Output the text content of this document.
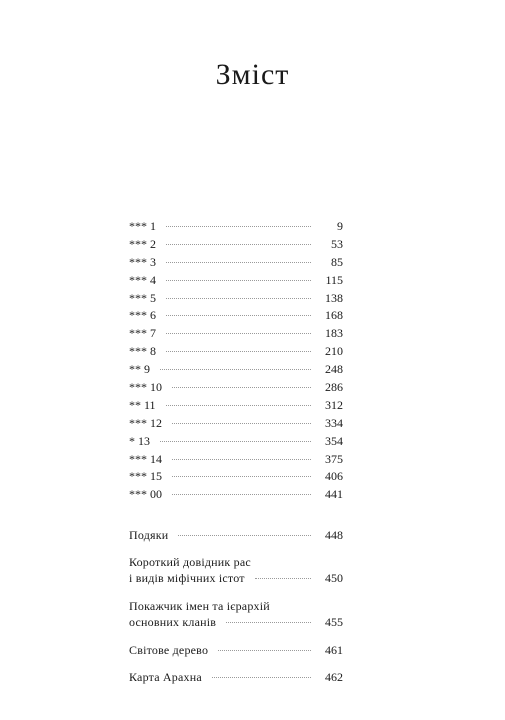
Зміст
*** 1	9
*** 2	53
*** 3	85
*** 4	115
*** 5	138
*** 6	168
*** 7	183
*** 8	210
** 9	248
*** 10	286
** 11	312
*** 12	334
* 13	354
*** 14	375
*** 15	406
*** 00	441
Подяки	448
Короткий довідник рас
і видів міфічних істот	450
Покажчик імен та ієрархій
основних кланів	455
Світове дерево	461
Карта Арахна	462
